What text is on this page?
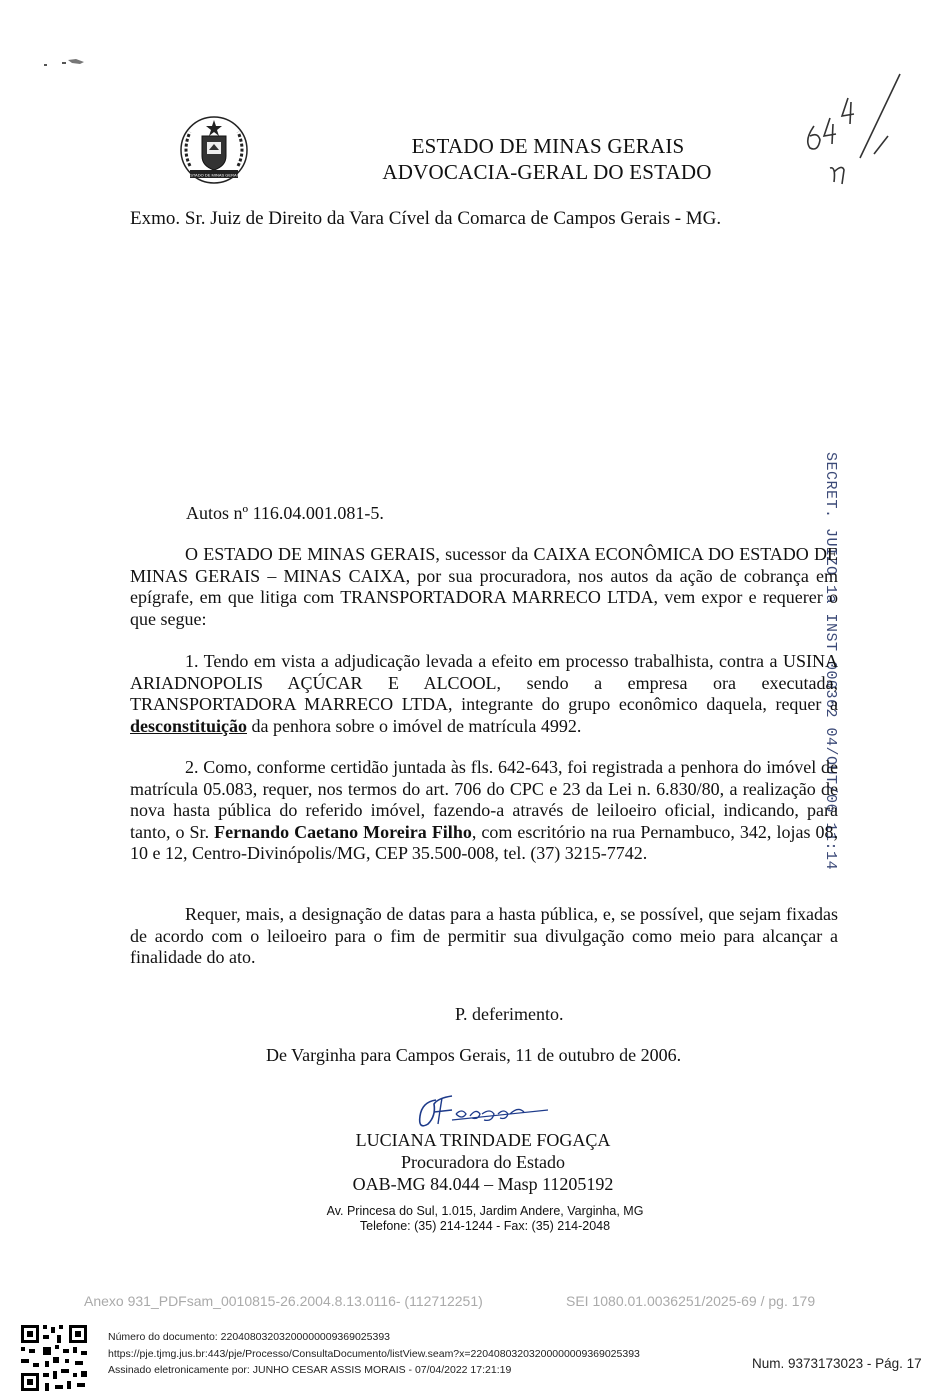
ESTADO DE MINAS GERAIS
ESTADO DE MINAS GERAIS
ADVOCACIA-GERAL DO ESTADO
Exmo. Sr. Juiz de Direito da Vara Cível da Comarca de Campos Gerais - MG.
SECRET. JUIZO 1a INST 000362 04/OUT/06 11:14
Autos nº 116.04.001.081-5.

O ESTADO DE MINAS GERAIS, sucessor da CAIXA ECONÔMICA DO ESTADO DE MINAS GERAIS – MINAS CAIXA, por sua procuradora, nos autos da ação de cobrança em epígrafe, em que litiga com TRANSPORTADORA MARRECO LTDA, vem expor e requerer o que segue:

1. Tendo em vista a adjudicação levada a efeito em processo trabalhista, contra a USINA ARIADNOPOLIS AÇÚCAR E ALCOOL, sendo a empresa ora executada, TRANSPORTADORA MARRECO LTDA, integrante do grupo econômico daquela, requer a desconstituição da penhora sobre o imóvel de matrícula 4992.

2. Como, conforme certidão juntada às fls. 642-643, foi registrada a penhora do imóvel de matrícula 05.083, requer, nos termos do art. 706 do CPC e 23 da Lei n. 6.830/80, a realização de nova hasta pública do referido imóvel, fazendo-a através de leiloeiro oficial, indicando, para tanto, o Sr. Fernando Caetano Moreira Filho, com escritório na rua Pernambuco, 342, lojas 08, 10 e 12, Centro-Divinópolis/MG, CEP 35.500-008, tel. (37) 3215-7742.

Requer, mais, a designação de datas para a hasta pública, e, se possível, que sejam fixadas de acordo com o leiloeiro para o fim de permitir sua divulgação como meio para alcançar a finalidade do ato.

P. deferimento.
De Varginha para Campos Gerais, 11 de outubro de 2006.
LUCIANA TRINDADE FOGAÇA
Procuradora do Estado
OAB-MG 84.044 – Masp 11205192
Av. Princesa do Sul, 1.015, Jardim Andere, Varginha, MG
Telefone: (35) 214-1244 - Fax: (35) 214-2048
Anexo 931_PDFsam_0010815-26.2004.8.13.0116- (112712251)	SEI 1080.01.0036251/2025-69 / pg. 179
Número do documento: 22040803203200000009369025393
https://pje.tjmg.jus.br:443/pje/Processo/ConsultaDocumento/listView.seam?x=22040803203200000009369025393
Assinado eletronicamente por: JUNHO CESAR ASSIS MORAIS - 07/04/2022 17:21:19	Num. 9373173023 - Pág. 17
